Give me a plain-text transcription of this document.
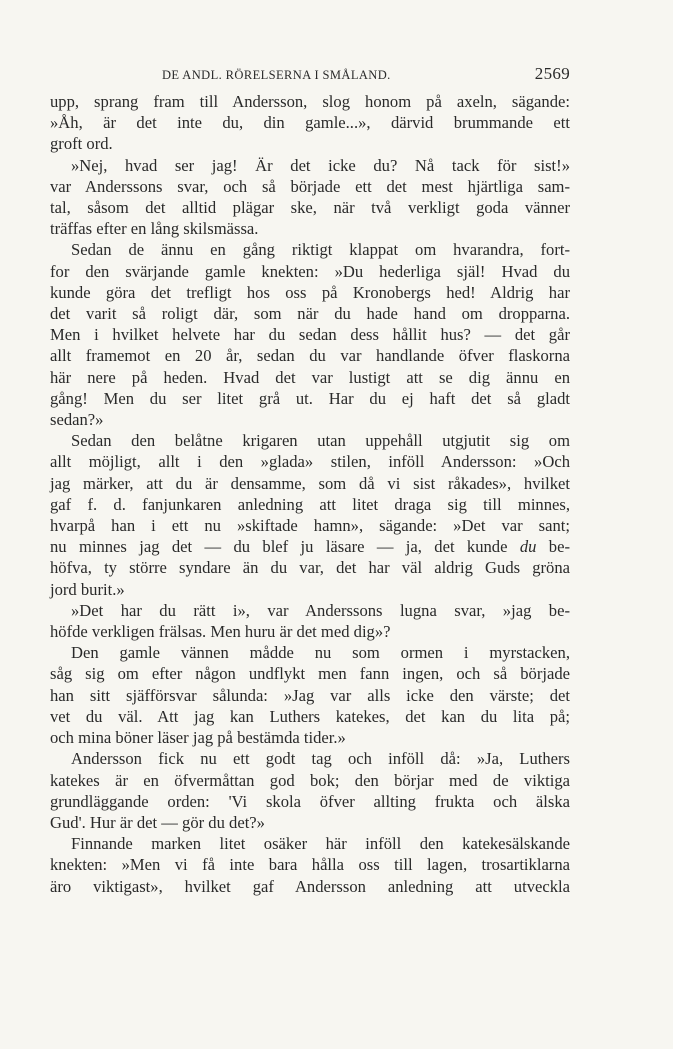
DE ANDL. RÖRELSERNA I SMÅLAND.	2569

upp, sprang fram till Andersson, slog honom på axeln, sägande:
»Åh, är det inte du, din gamle...», därvid brummande ett
groft ord.

»Nej, hvad ser jag! Är det icke du? Nå tack för sist!»

var Anderssons svar, och så började ett det mest hjärtliga sam-
tal, såsom det alltid plägar ske, när två verkligt goda vänner
träffas efter en lång skilsmässa.

Sedan de ännu en gång riktigt klappat om hvarandra, fort-

for den svärjande gamle knekten: »Du hederliga själ! Hvad du
kunde göra det trefligt hos oss på Kronobergs hed! Aldrig har
det varit så roligt där, som när du hade hand om dropparna.
Men i hvilket helvete har du sedan dess hållit hus? — det går
allt framemot en 20 år, sedan du var handlande öfver flaskorna
här nere på heden. Hvad det var lustigt att se dig ännu en
gång! Men du ser litet grå ut. Har du ej haft det så gladt
sedan?»

Sedan den belåtne krigaren utan uppehåll utgjutit sig om

allt möjligt, allt i den »glada» stilen, inföll Andersson: »Och
jag märker, att du är densamme, som då vi sist råkades», hvilket
gaf f. d. fanjunkaren anledning att litet draga sig till minnes,
hvarpå han i ett nu »skiftade hamn», sägande: »Det var sant;
nu minnes jag det — du blef ju läsare — ja, det kunde du be-
höfva, ty större syndare än du var, det har väl aldrig Guds gröna
jord burit.»

»Det har du rätt i», var Anderssons lugna svar, »jag be-

höfde verkligen frälsas. Men huru är det med dig»?

Den gamle vännen mådde nu som ormen i myrstacken,

såg sig om efter någon undflykt men fann ingen, och så började
han sitt sjäfförsvar sålunda: »Jag var alls icke den värste; det
vet du väl. Att jag kan Luthers katekes, det kan du lita på;
och mina böner läser jag på bestämda tider.»

Andersson fick nu ett godt tag och inföll då: »Ja, Luthers

katekes är en öfvermåttan god bok; den börjar med de viktiga
grundläggande orden: 'Vi skola öfver allting frukta och älska
Gud'. Hur är det — gör du det?»

Finnande marken litet osäker här inföll den katekesälskande

knekten: »Men vi få inte bara hålla oss till lagen, trosartiklarna
äro viktigast», hvilket gaf Andersson anledning att utveckla
